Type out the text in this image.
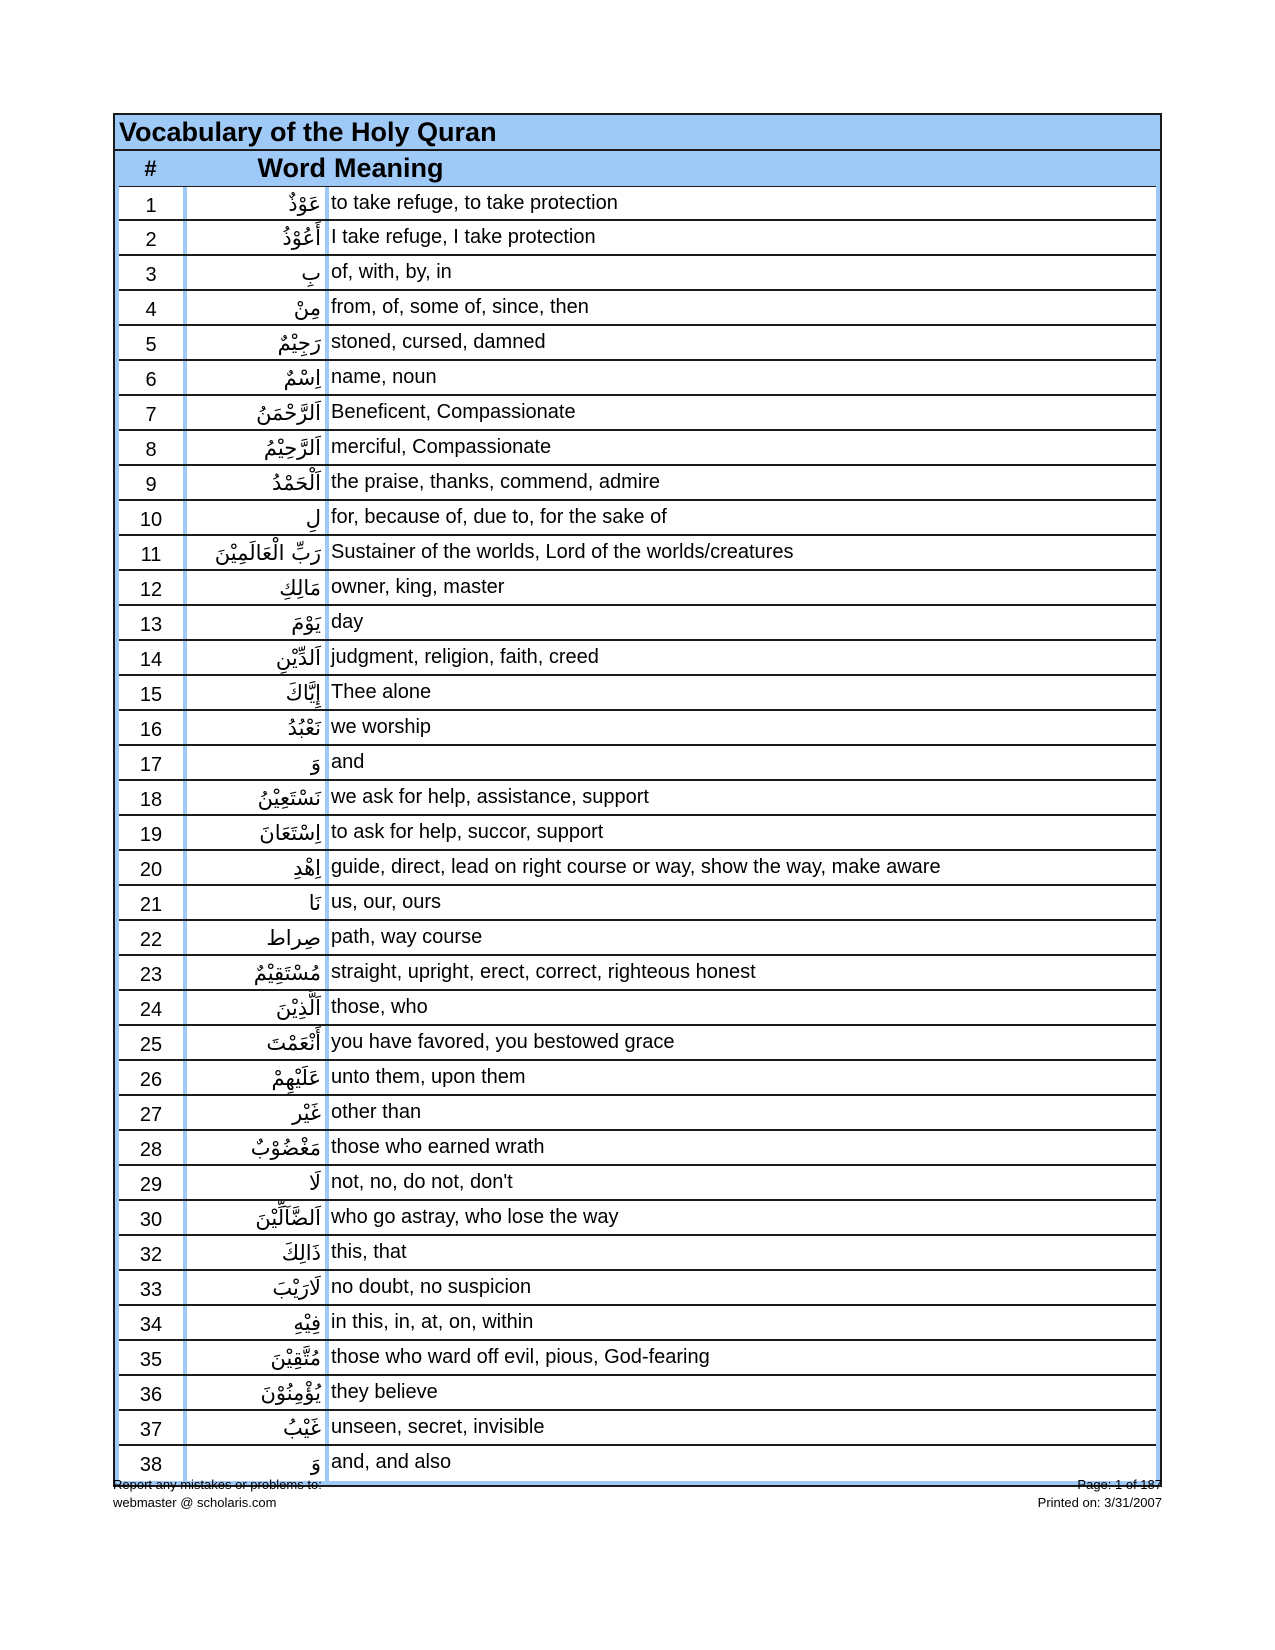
Vocabulary of the Holy Quran
#	Word Meaning
1	عَوْذٌ to take refuge, to take protection
2	أَعُوْذُ I take refuge, I take protection
3	بِ of, with, by, in
4	مِنْ from, of, some of, since, then
5	رَجِيْمٌ stoned, cursed, damned
6	اِسْمٌ name, noun
7	اَلرَّحْمَنُ Beneficent, Compassionate
8	اَلرَّحِيْمُ merciful, Compassionate
9	اَلْحَمْدُ the praise, thanks, commend, admire
10	لِ for, because of, due to, for the sake of
11	رَبِّ الْعَالَمِيْنَ Sustainer of the worlds, Lord of the worlds/creatures
12	مَالِكِ owner, king, master
13	يَوْمَ day
14	اَلدِّيْنِ judgment, religion, faith, creed
15	إِيَّاكَ Thee alone
16	نَعْبُدُ we worship
17	وَ and
18	نَسْتَعِيْنُ we ask for help, assistance, support
19	اِسْتَعَانَ to ask for help, succor, support
20	اِهْدِ guide, direct, lead on right course or way, show the way, make aware
21	نَا us, our, ours
22	صِراط path, way course
23	مُسْتَقِيْمٌ straight, upright, erect, correct, righteous honest
24	اَلَّذِيْنَ those, who
25	أَنْعَمْتَ you have favored, you bestowed grace
26	عَلَيْهِمْ unto them, upon them
27	غَيْر other than
28	مَغْضُوْبٌ those who earned wrath
29	لَا not, no, do not, don't
30	اَلضَّآلِّيْنَ who go astray, who lose the way
32	ذَالِكَ this, that
33	لَارَيْبَ no doubt, no suspicion
34	فِيْهِ in this, in, at, on, within
35	مُتَّقِيْنَ those who ward off evil, pious, God-fearing
36	يُؤْمِنُوْنَ they believe
37	غَيْبُ unseen, secret, invisible
38	وَ and, and also
Report any mistakes or problems to:
webmaster @ scholaris.com
Page: 1 of 187
Printed on: 3/31/2007
